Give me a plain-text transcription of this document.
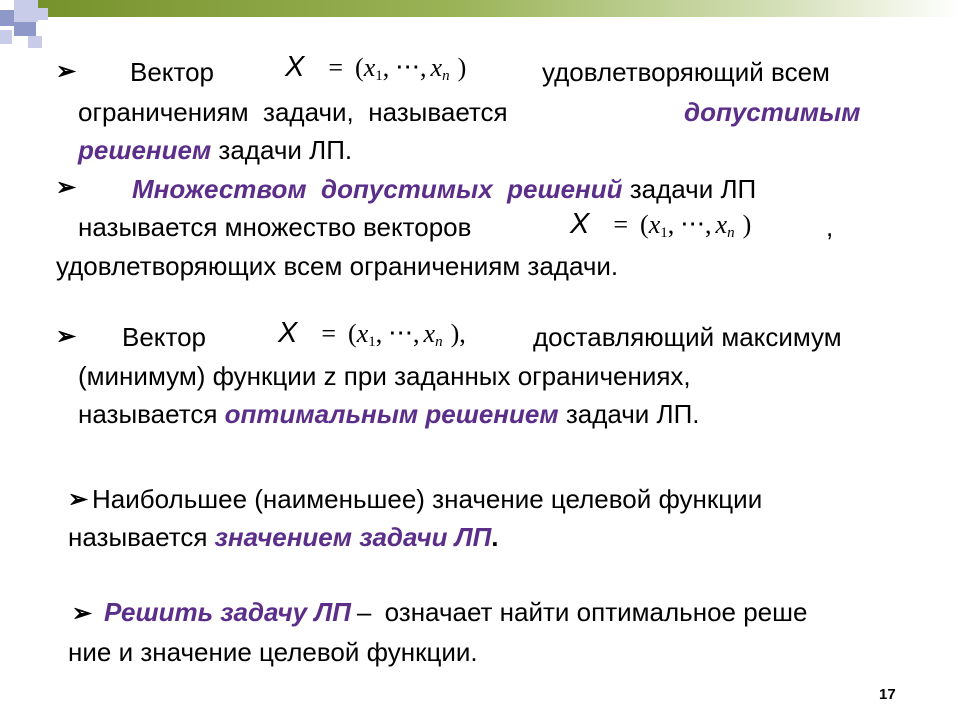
➢ Вектор $X = (x_1$, ⋅⋅⋅, $x_n$ )	удовлетворяющий всем
ограничениям  задачи,  называется	допустимым
решением задачи ЛП.
➢ Множеством  допустимых  решений задачи ЛП
называется множество векторов	$X = (x_1$, ⋅⋅⋅, $x_n$ )	,
удовлетворяющих всем ограничениям задачи.
➢ Вектор $X = (x_1$, ⋅⋅⋅, $x_n$ ),	доставляющий максимум
(минимум) функции z при заданных ограничениях,
называется оптимальным решением задачи ЛП.
➢ Наибольшее (наименьшее) значение целевой функции
называется значением задачи ЛП.
➢ Решить задачу ЛП – означает найти оптимальное реше
ние и значение целевой функции.
17
